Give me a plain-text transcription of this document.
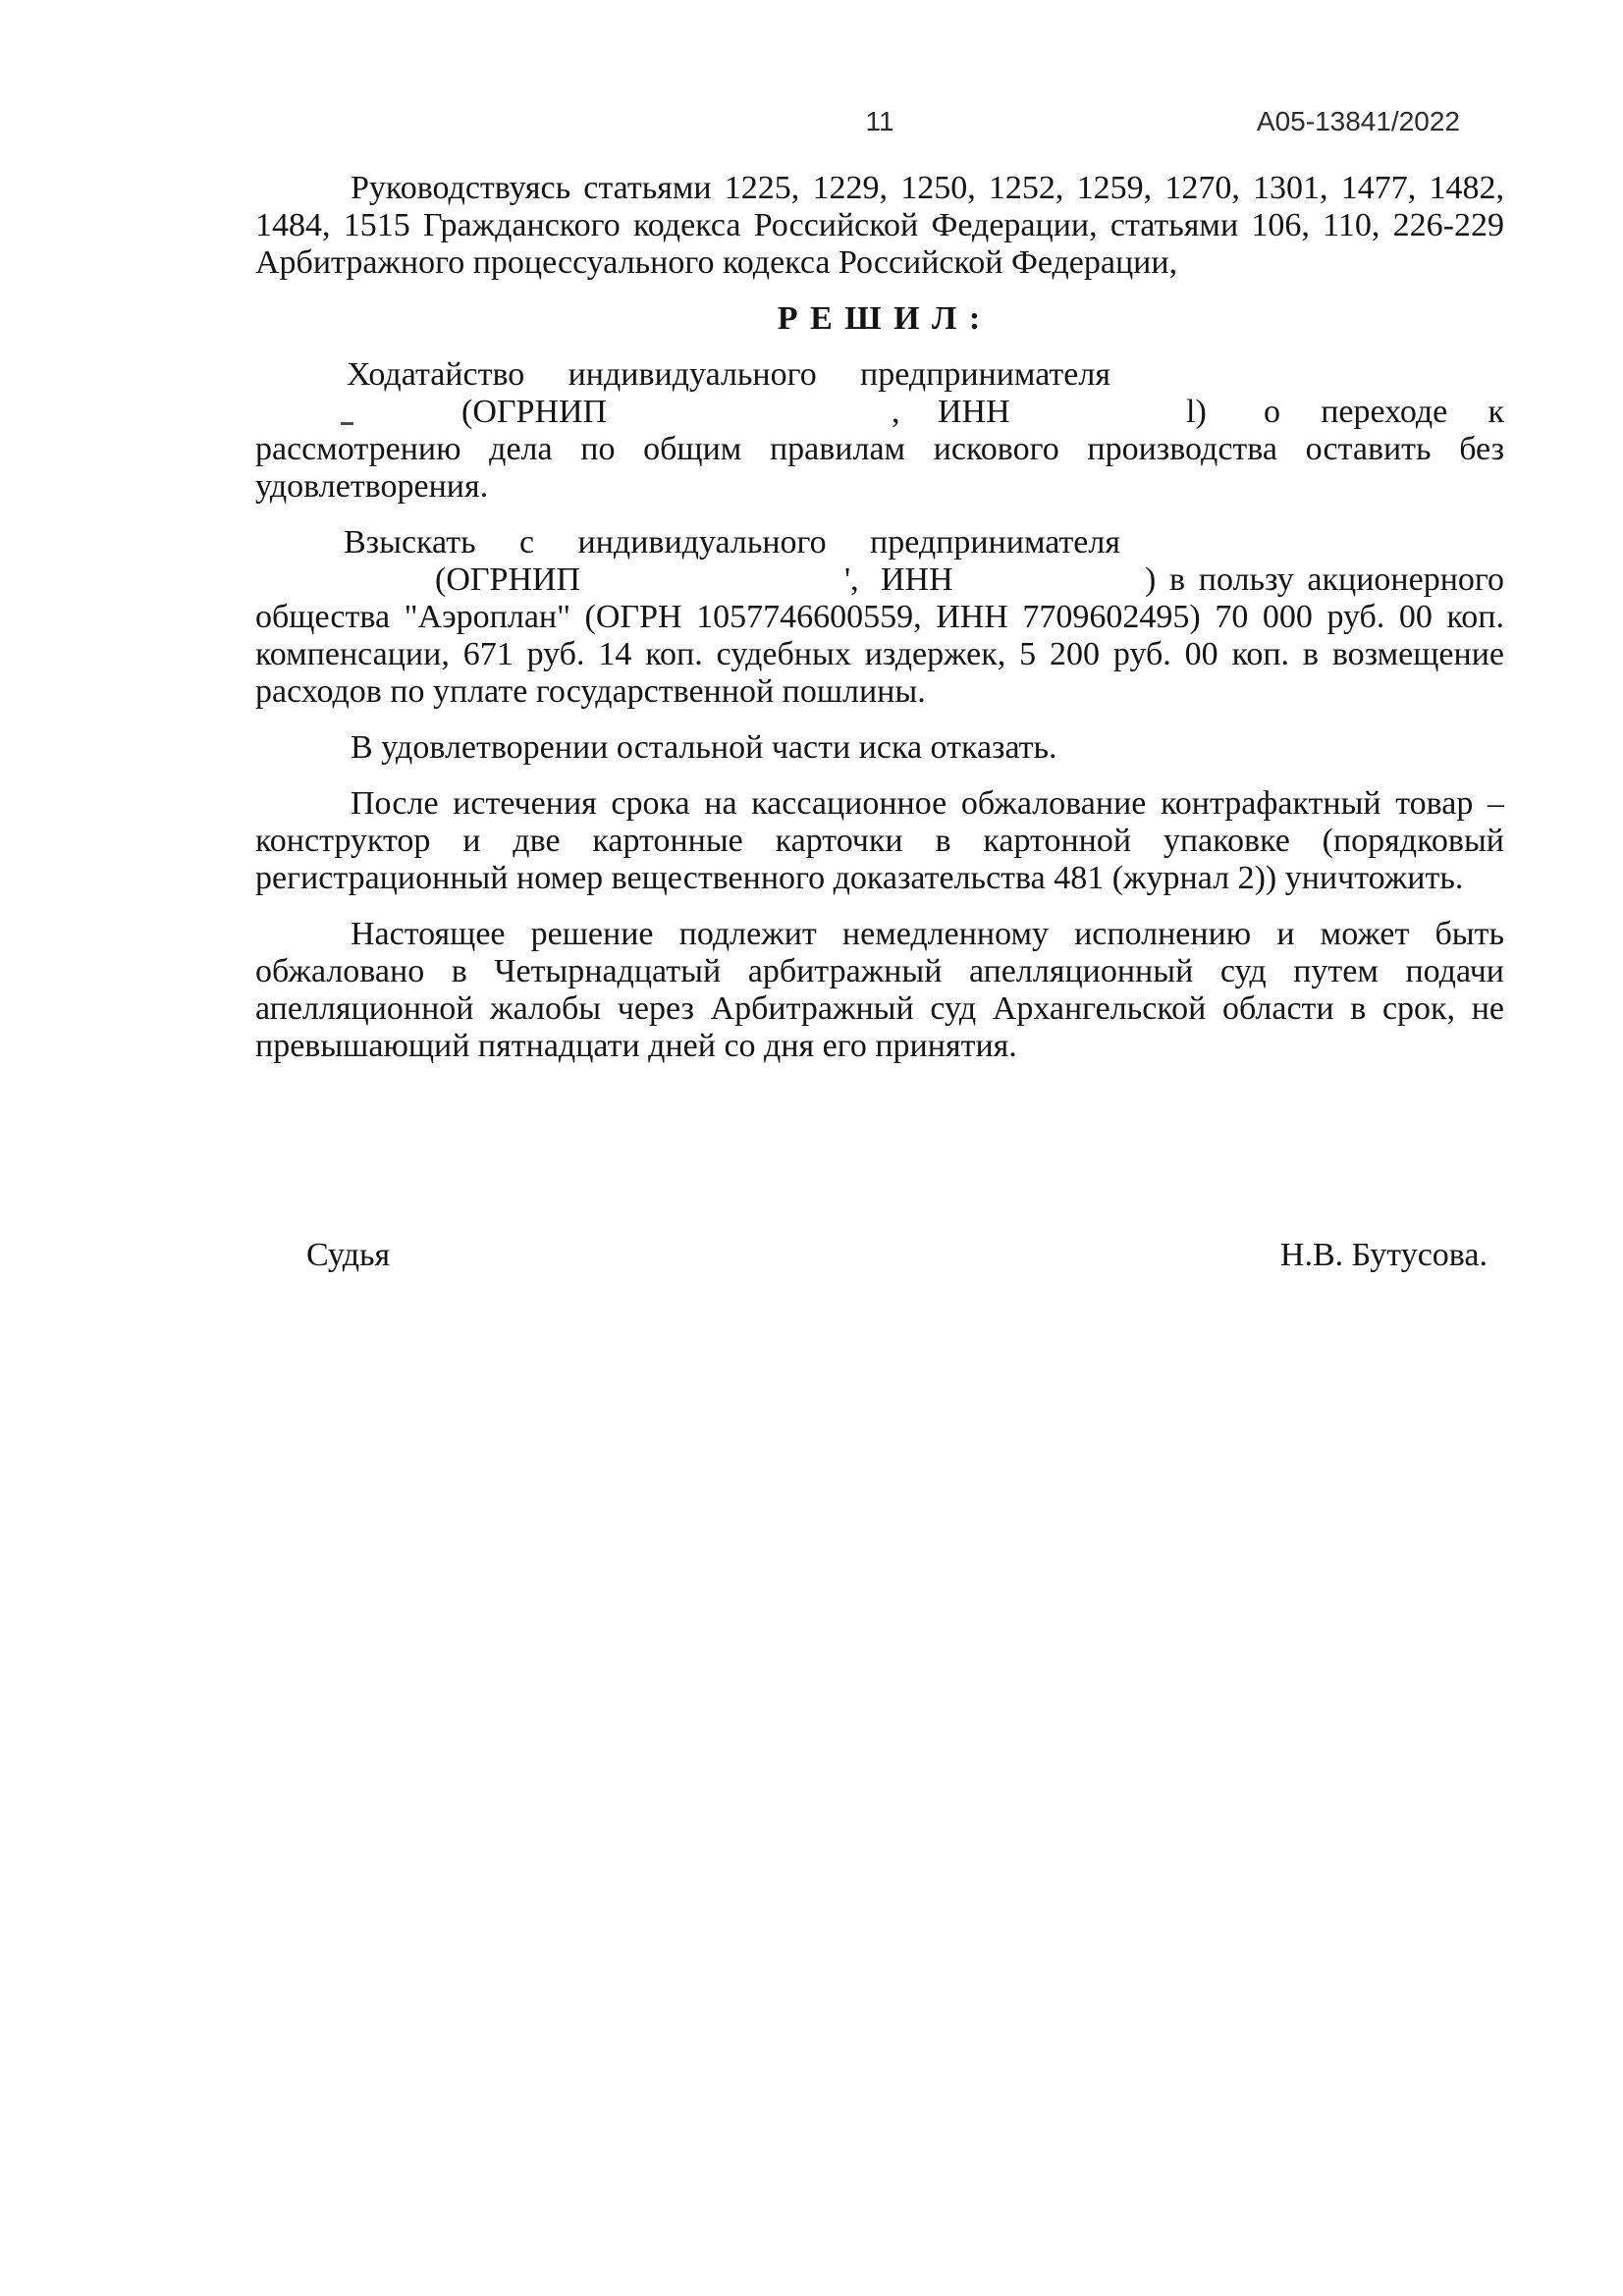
11	А05-13841/2022
Руководствуясь статьями 1225, 1229, 1250, 1252, 1259, 1270, 1301, 1477, 1482,
1484, 1515 Гражданского кодекса Российской Федерации, статьями 106, 110, 226-229
Арбитражного процессуального кодекса Российской Федерации,
Р Е Ш И Л :
Ходатайство индивидуального предпринимателя
(ОГРНИП	, ИНН	l) о переходе к
рассмотрению дела по общим правилам искового производства оставить без
удовлетворения.
Взыскать с индивидуального предпринимателя
(ОГРНИП	', ИНН	) в пользу акционерного
общества "Аэроплан" (ОГРН 1057746600559, ИНН 7709602495) 70 000 руб. 00 коп.
компенсации, 671 руб. 14 коп. судебных издержек, 5 200 руб. 00 коп. в возмещение
расходов по уплате государственной пошлины.
В удовлетворении остальной части иска отказать.
После истечения срока на кассационное обжалование контрафактный товар –
конструктор и две картонные карточки в картонной упаковке (порядковый
регистрационный номер вещественного доказательства 481 (журнал 2)) уничтожить.
Настоящее решение подлежит немедленному исполнению и может быть
обжаловано в Четырнадцатый арбитражный апелляционный суд путем подачи
апелляционной жалобы через Арбитражный суд Архангельской области в срок, не
превышающий пятнадцати дней со дня его принятия.
Судья	Н.В. Бутусова.
